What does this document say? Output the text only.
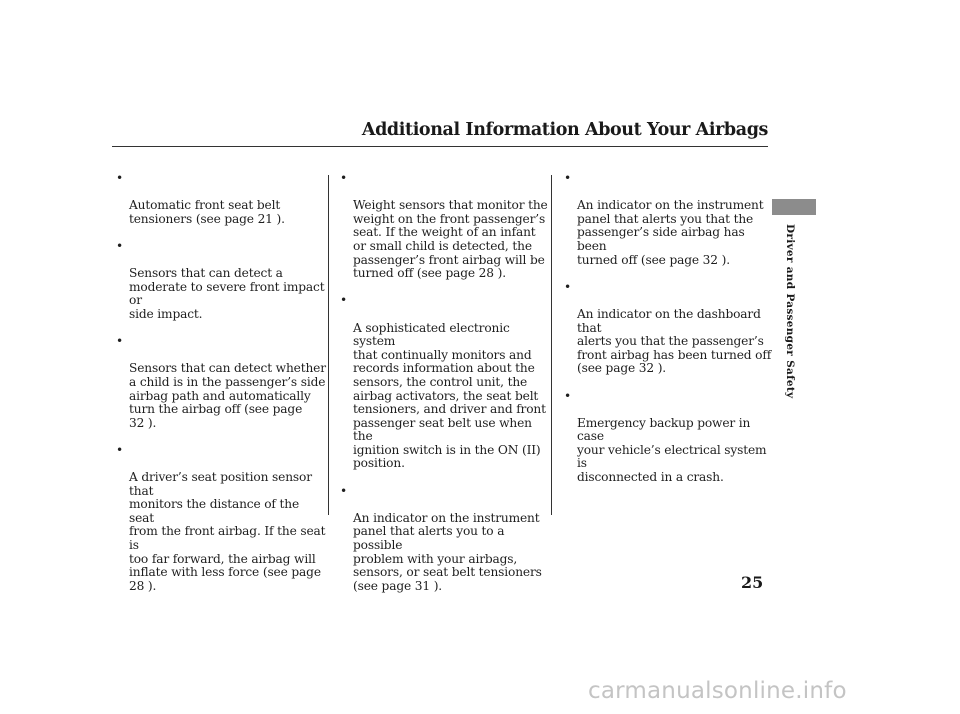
Additional Information About Your Airbags

•

Automatic front seat belt
tensioners (see page 21 ).

•

Sensors that can detect a
moderate to severe front impact or
side impact.

•

Sensors that can detect whether
a child is in the passenger’s side
airbag path and automatically
turn the airbag off (see page
32 ).

•

A driver’s seat position sensor that
monitors the distance of the seat
from the front airbag. If the seat is
too far forward, the airbag will
inflate with less force (see page
28 ).

•

Weight sensors that monitor the
weight on the front passenger’s
seat. If the weight of an infant
or small child is detected, the
passenger’s front airbag will be
turned off (see page 28 ).

•

A sophisticated electronic system
that continually monitors and
records information about the
sensors, the control unit, the
airbag activators, the seat belt
tensioners, and driver and front
passenger seat belt use when the
ignition switch is in the ON (II)
position.

•

An indicator on the instrument
panel that alerts you to a possible
problem with your airbags,
sensors, or seat belt tensioners
(see page 31 ).

•

An indicator on the instrument
panel that alerts you that the
passenger’s side airbag has been
turned off (see page 32 ).

•

An indicator on the dashboard that
alerts you that the passenger’s
front airbag has been turned off
(see page 32 ).

•

Emergency backup power in case
your vehicle’s electrical system is
disconnected in a crash.

Driver and Passenger Safety
25
carmanualsonline.info
